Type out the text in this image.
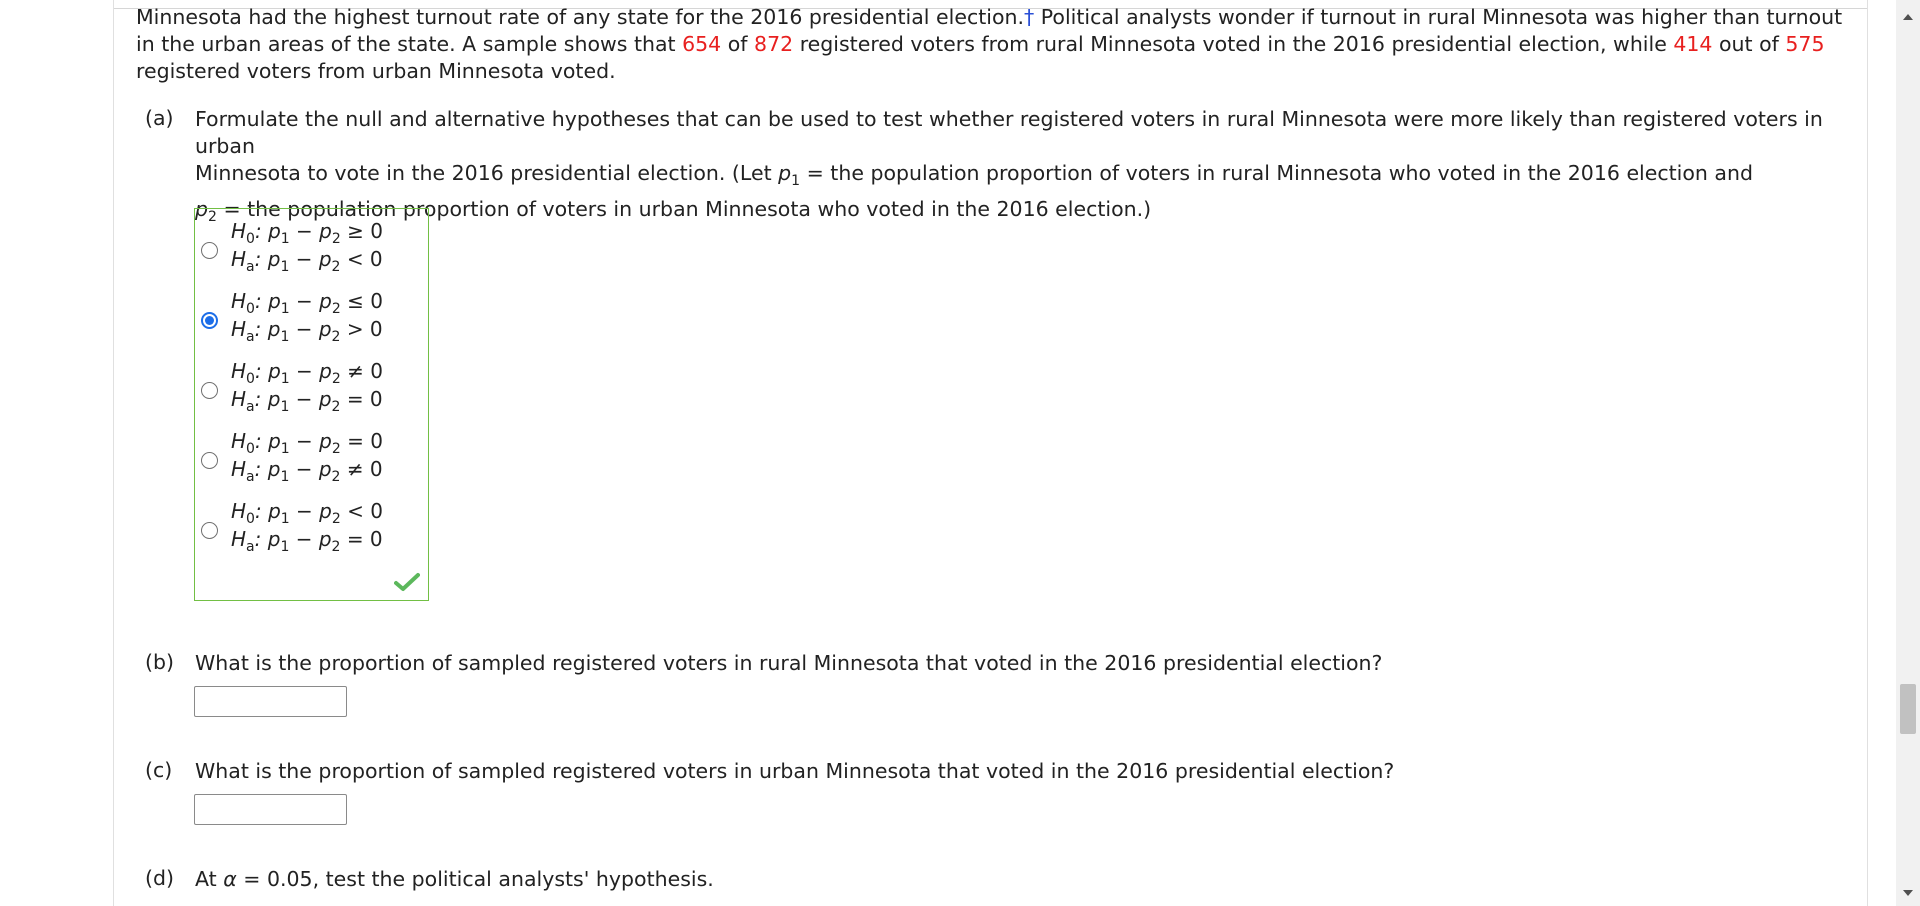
Minnesota had the highest turnout rate of any state for the 2016 presidential election.† Political analysts wonder if turnout in rural Minnesota was higher than turnout in the urban areas of the state. A sample shows that 654 of 872 registered voters from rural Minnesota voted in the 2016 presidential election, while 414 out of 575 registered voters from urban Minnesota voted.
(a) Formulate the null and alternative hypotheses that can be used to test whether registered voters in rural Minnesota were more likely than registered voters in urban
Minnesota to vote in the 2016 presidential election. (Let $p_1$ = the population proportion of voters in rural Minnesota who voted in the 2016 election and
$p_2$ = the population proportion of voters in urban Minnesota who voted in the 2016 election.)
$H_0$: $p_1 - p_2 \ge 0$
$H_a$: $p_1 - p_2 < 0$
$H_0$: $p_1 - p_2 \le 0$
$H_a$: $p_1 - p_2 > 0$
$H_0$: $p_1 - p_2 \ne 0$
$H_a$: $p_1 - p_2 = 0$
$H_0$: $p_1 - p_2 = 0$
$H_a$: $p_1 - p_2 \ne 0$
$H_0$: $p_1 - p_2 < 0$
$H_a$: $p_1 - p_2 = 0$
(b) What is the proportion of sampled registered voters in rural Minnesota that voted in the 2016 presidential election?
(c) What is the proportion of sampled registered voters in urban Minnesota that voted in the 2016 presidential election?
(d) At α = 0.05, test the political analysts' hypothesis.
